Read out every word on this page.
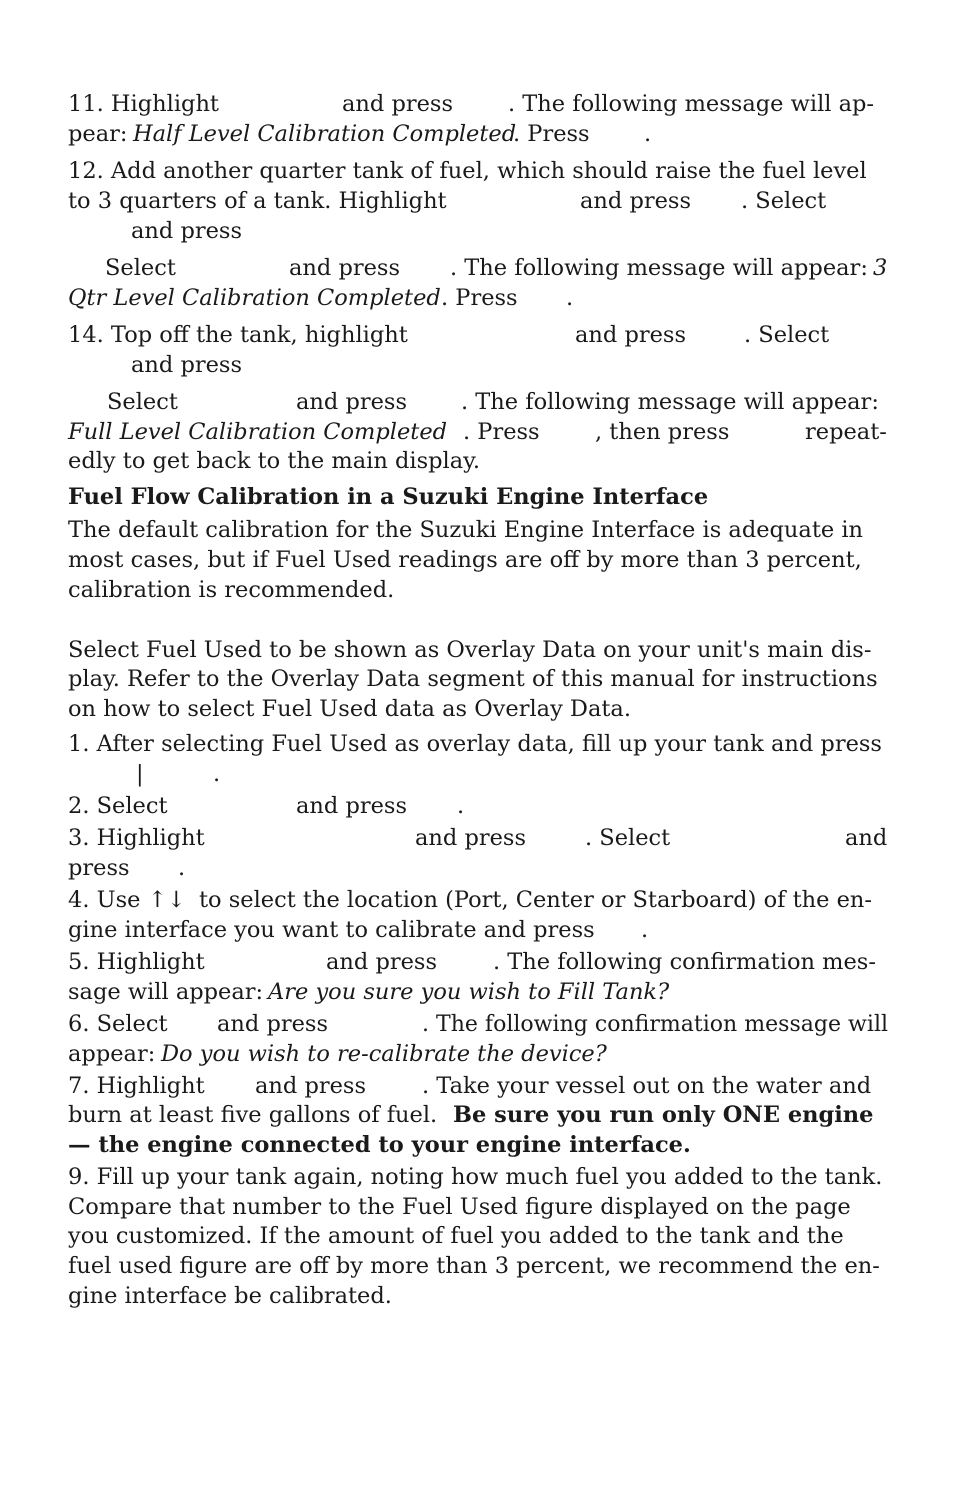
11. Highlight	and press . The following message will ap-
pear: Half Level Calibration Completed
. Press .
12. Add another quarter tank of fuel, which should raise the fuel level
to 3 quarters of a tank. Highlight	and press . Select
and press
Select	and press . The following message will appear: 3
Qtr Level Calibration Completed . Press .
14. Top off the tank, highlight	and press	. Select
and press
Select	and press . The following message will appear:
Full Level Calibration Completed . Press , then press	repeat-
edly to get back to the main display.
Fuel Flow Calibration in a Suzuki Engine Interface
The default calibration for the Suzuki Engine Interface is adequate in
most cases, but if Fuel Used readings are off by more than 3 percent,
calibration is recommended.
Select Fuel Used to be shown as Overlay Data on your unit's main dis-
play. Refer to the Overlay Data segment of this manual for instructions
on how to select Fuel Used data as Overlay Data.
1. After selecting Fuel Used as overlay data, fill up your tank and press
|	.
2. Select	and press .
3. Highlight	and press	. Select	and
press .
4. Use ↑↓ to select the location (Port, Center or Starboard) of the en-
gine interface you want to calibrate and press .
5. Highlight	and press . The following confirmation mes-
sage will appear: Are you sure you wish to Fill Tank?
6. Select and press	. The following confirmation message will
appear: Do you wish to re-calibrate the device?
7. Highlight and press . Take your vessel out on the water and
burn at least five gallons of fuel. Be sure you run only ONE engine
— the engine connected to your engine interface.
9. Fill up your tank again, noting how much fuel you added to the tank.
Compare that number to the Fuel Used figure displayed on the page
you customized. If the amount of fuel you added to the tank and the
fuel used figure are off by more than 3 percent, we recommend the en-
gine interface be calibrated.
